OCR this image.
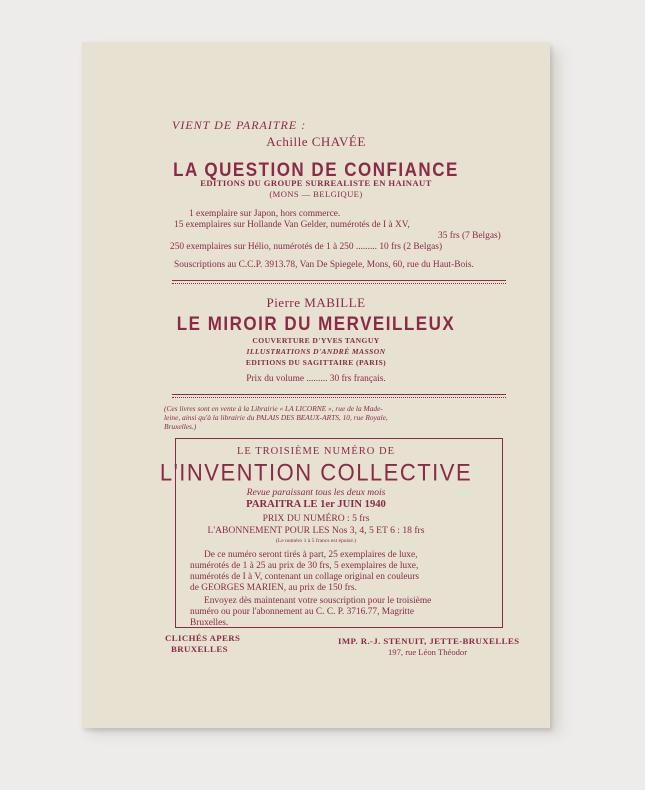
VIENT DE PARAITRE :
Achille CHAVÉE
LA QUESTION DE CONFIANCE
EDITIONS DU GROUPE SURREALISTE EN HAINAUT
(MONS — BELGIQUE)
1 exemplaire sur Japon, hors commerce.
15 exemplaires sur Hollande Van Gelder, numérotés de I à XV,
35 frs (7 Belgas)
250 exemplaires sur Hélio, numérotés de 1 à 250 ......... 10 frs (2 Belgas)
Souscriptions au C.C.P. 3913.78, Van De Spiegele, Mons, 60, rue du Haut-Bois.
Pierre MABILLE
LE MIROIR DU MERVEILLEUX
COUVERTURE D'YVES TANGUY
ILLUSTRATIONS D'ANDRÉ MASSON
EDITIONS DU SAGITTAIRE (PARIS)
Prix du volume ......... 30 frs français.
(Ces livres sont en vente à la Librairie « LA LICORNE », rue de la Made-
leine, ainsi qu'à la librairie du PALAIS DES BEAUX-ARTS, 10, rue Royale,
Bruxelles.)
LE TROISIÈME NUMÉRO DE
L'INVENTION COLLECTIVE
Revue paraissant tous les deux mois
PARAITRA LE 1er JUIN 1940
PRIX DU NUMÉRO : 5 frs
L'ABONNEMENT POUR LES Nos 3, 4, 5 ET 6 : 18 frs
(Le numéro 1 à 5 francs est épuisé.)
De ce numéro seront tirés à part, 25 exemplaires de luxe,
numérotés de 1 à 25 au prix de 30 frs, 5 exemplaires de luxe,
numérotés de I à V, contenant un collage original en couleurs
de GEORGES MARIEN, au prix de 150 frs.
Envoyez dès maintenant votre souscription pour le troisième
numéro ou pour l'abonnement au C. C. P. 3716.77, Magritte
Bruxelles.
CLICHÉS APERS
BRUXELLES
IMP. R.-J. STENUIT, JETTE-BRUXELLES
197, rue Léon Théodor
